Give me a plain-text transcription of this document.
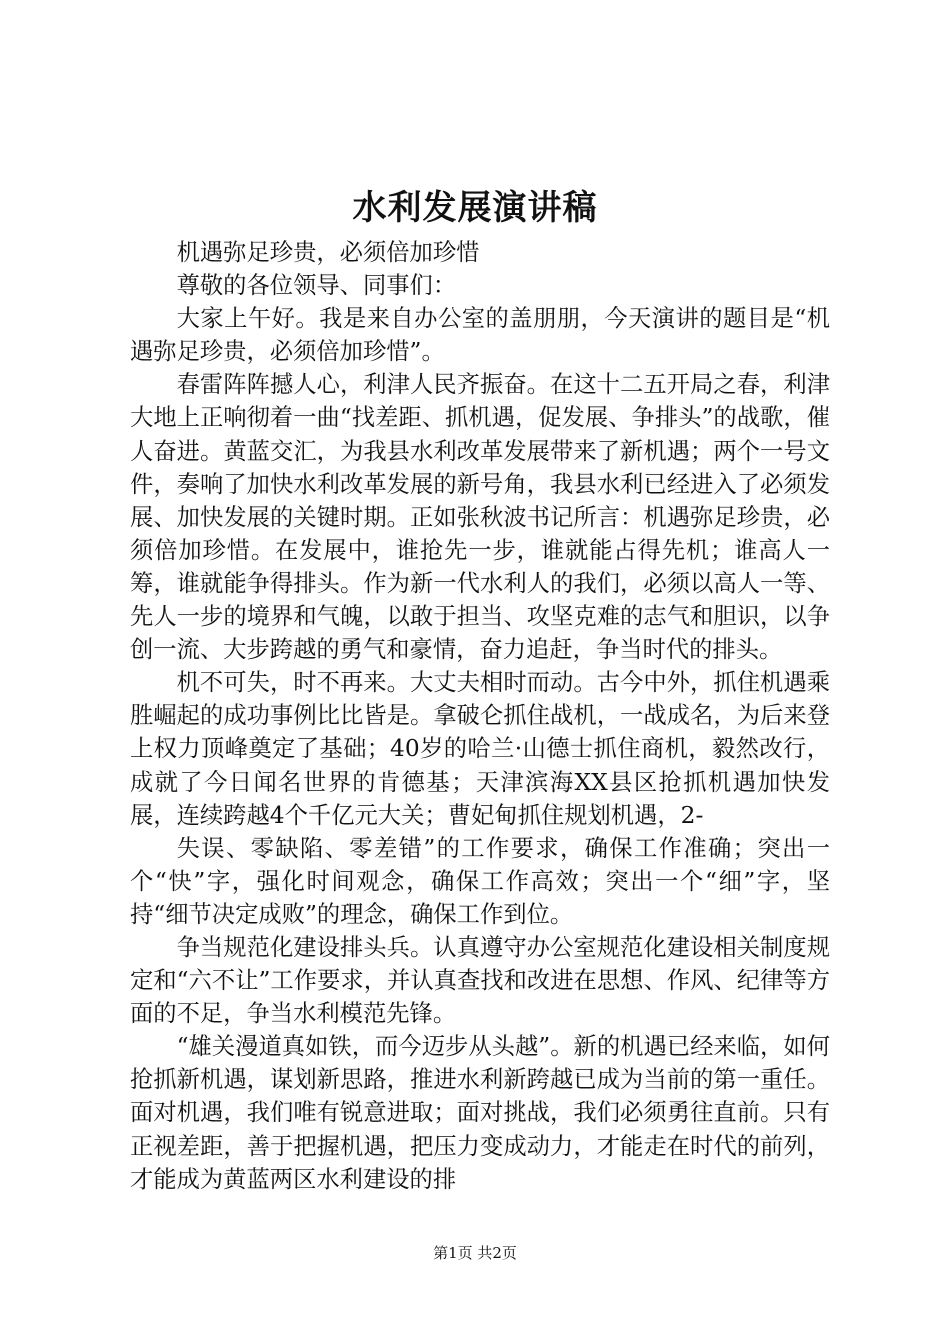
水利发展演讲稿

机遇弥足珍贵，必须倍加珍惜

尊敬的各位领导、同事们：

大家上午好。我是来自办公室的盖朋朋，今天演讲的题目是“机遇弥足珍贵，必须倍加珍惜”。

春雷阵阵撼人心，利津人民齐振奋。在这十二五开局之春，利津大地上正响彻着一曲“找差距、抓机遇，促发展、争排头”的战歌，催人奋进。黄蓝交汇，为我县水利改革发展带来了新机遇；两个一号文件，奏响了加快水利改革发展的新号角，我县水利已经进入了必须发展、加快发展的关键时期。正如张秋波书记所言：机遇弥足珍贵，必须倍加珍惜。在发展中，谁抢先一步，谁就能占得先机；谁高人一筹，谁就能争得排头。作为新一代水利人的我们，必须以高人一等、先人一步的境界和气魄，以敢于担当、攻坚克难的志气和胆识，以争创一流、大步跨越的勇气和豪情，奋力追赶，争当时代的排头。

机不可失，时不再来。大丈夫相时而动。古今中外，抓住机遇乘胜崛起的成功事例比比皆是。拿破仑抓住战机，一战成名，为后来登上权力顶峰奠定了基础；40岁的哈兰·山德士抓住商机，毅然改行，成就了今日闻名世界的肯德基；天津滨海XX县区抢抓机遇加快发展，连续跨越4个千亿元大关；曹妃甸抓住规划机遇，2-

失误、零缺陷、零差错”的工作要求，确保工作准确；突出一个“快”字，强化时间观念，确保工作高效；突出一个“细”字，坚持“细节决定成败”的理念，确保工作到位。

争当规范化建设排头兵。认真遵守办公室规范化建设相关制度规定和“六不让”工作要求，并认真查找和改进在思想、作风、纪律等方面的不足，争当水利模范先锋。

“雄关漫道真如铁，而今迈步从头越”。新的机遇已经来临，如何抢抓新机遇，谋划新思路，推进水利新跨越已成为当前的第一重任。面对机遇，我们唯有锐意进取；面对挑战，我们必须勇往直前。只有正视差距，善于把握机遇，把压力变成动力，才能走在时代的前列，才能成为黄蓝两区水利建设的排

第1页 共2页
